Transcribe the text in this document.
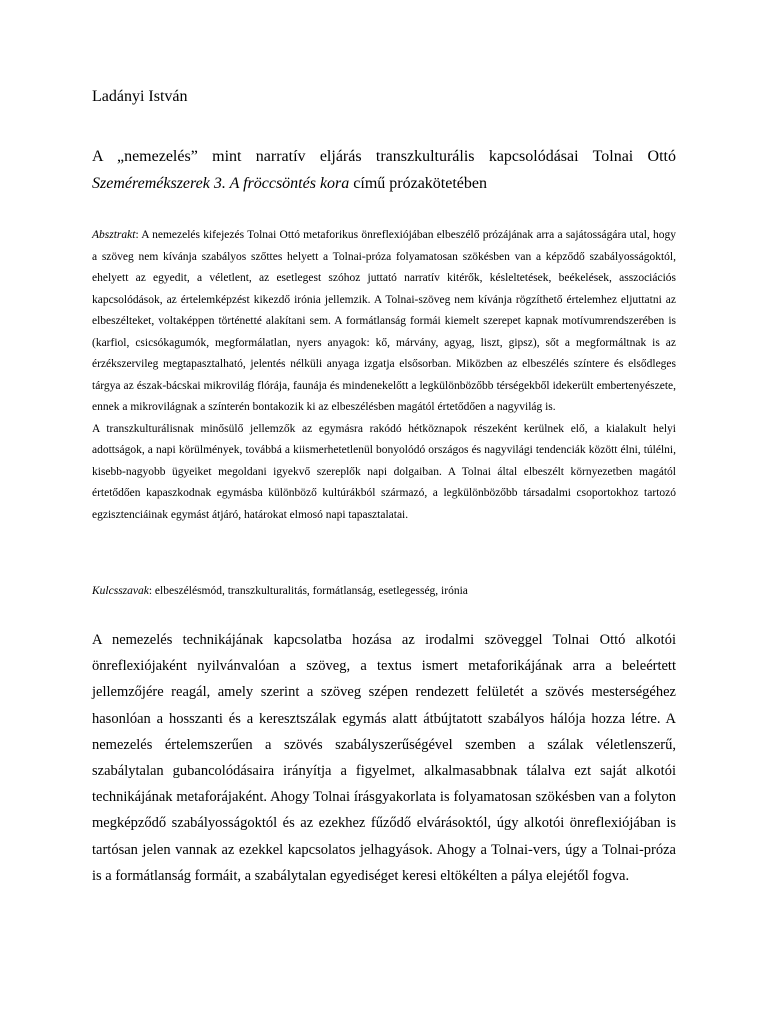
Ladányi István

A „nemezelés” mint narratív eljárás transzkulturális kapcsolódásai Tolnai Ottó Szeméremékszerek 3. A fröccsöntés kora című prózakötetében

Absztrakt: A nemezelés kifejezés Tolnai Ottó metaforikus önreflexiójában elbeszélő prózájának arra a sajátosságára utal, hogy a szöveg nem kívánja szabályos szőttes helyett a Tolnai-próza folyamatosan szökésben van a képződő szabályosságoktól, ehelyett az egyedit, a véletlent, az esetlegest szóhoz juttató narratív kitérők, késleltetések, beékelések, asszociációs kapcsolódások, az értelemképzést kikezdő irónia jellemzik. A Tolnai-szöveg nem kívánja rögzíthető értelemhez eljuttatni az elbeszélteket, voltaképpen történetté alakítani sem. A formátlanság formái kiemelt szerepet kapnak motívumrendszerében is (karfiol, csicsókagumók, megformálatlan, nyers anyagok: kő, márvány, agyag, liszt, gipsz), sőt a megformáltnak is az érzékszervileg megtapasztalható, jelentés nélküli anyaga izgatja elsősorban. Miközben az elbeszélés színtere és elsődleges tárgya az észak-bácskai mikrovilág flórája, faunája és mindenekelőtt a legkülönbözőbb térségekből idekerült embertenyészete, ennek a mikrovilágnak a színterén bontakozik ki az elbeszélésben magától értetődően a nagyvilág is.

A transzkulturálisnak minősülő jellemzők az egymásra rakódó hétköznapok részeként kerülnek elő, a kialakult helyi adottságok, a napi körülmények, továbbá a kiismerhetetlenül bonyolódó országos és nagyvilági tendenciák között élni, túlélni, kisebb-nagyobb ügyeiket megoldani igyekvő szereplők napi dolgaiban. A Tolnai által elbeszélt környezetben magától értetődően kapaszkodnak egymásba különböző kultúrákból származó, a legkülönbözőbb társadalmi csoportokhoz tartozó egzisztenciáinak egymást átjáró, határokat elmosó napi tapasztalatai.

Kulcsszavak: elbeszélésmód, transzkulturalitás, formátlanság, esetlegesség, irónia

A nemezelés technikájának kapcsolatba hozása az irodalmi szöveggel Tolnai Ottó alkotói önreflexiójaként nyilvánvalóan a szöveg, a textus ismert metaforikájának arra a beleértett jellemzőjére reagál, amely szerint a szöveg szépen rendezett felületét a szövés mesterségéhez hasonlóan a hosszanti és a keresztszálak egymás alatt átbújtatott szabályos hálója hozza létre. A nemezelés értelemszerűen a szövés szabályszerűségével szemben a szálak véletlenszerű, szabálytalan gubancolódásaira irányítja a figyelmet, alkalmasabbnak tálalva ezt saját alkotói technikájának metaforájaként. Ahogy Tolnai írásgyakorlata is folyamatosan szökésben van a folyton megképződő szabályosságoktól és az ezekhez fűződő elvárásoktól, úgy alkotói önreflexiójában is tartósan jelen vannak az ezekkel kapcsolatos jelhagyások. Ahogy a Tolnai-vers, úgy a Tolnai-próza is a formátlanság formáit, a szabálytalan egyediséget keresi eltökélten a pálya elejétől fogva.
